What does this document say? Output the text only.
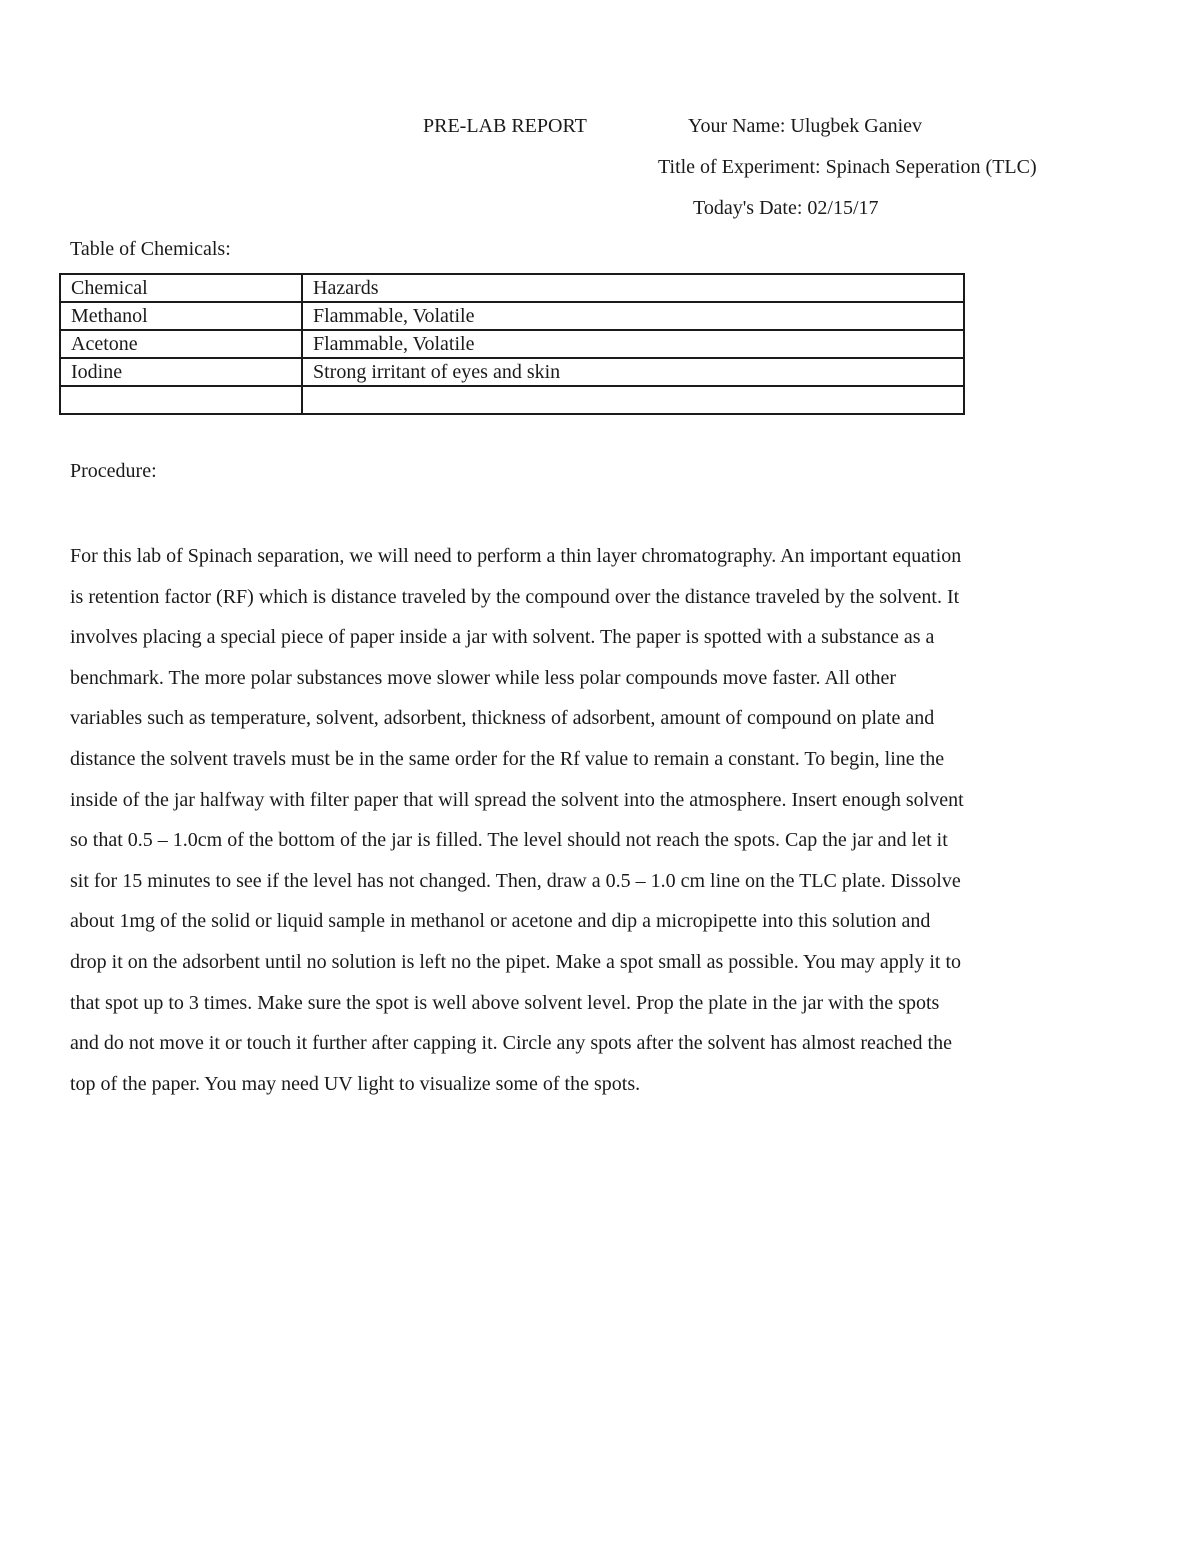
PRE-LAB REPORT	Your Name: Ulugbek Ganiev
Title of Experiment: Spinach Seperation (TLC)
Today's Date: 02/15/17
Table of Chemicals:
Chemical	Hazards
Methanol	Flammable, Volatile
Acetone	Flammable, Volatile
Iodine	Strong irritant of eyes and skin

Procedure:
For this lab of Spinach separation, we will need to perform a thin layer chromatography. An important equation
is retention factor (RF) which is distance traveled by the compound over the distance traveled by the solvent. It
involves placing a special piece of paper inside a jar with solvent. The paper is spotted with a substance as a
benchmark. The more polar substances move slower while less polar compounds move faster. All other
variables such as temperature, solvent, adsorbent, thickness of adsorbent, amount of compound on plate and
distance the solvent travels must be in the same order for the Rf value to remain a constant. To begin, line the
inside of the jar halfway with filter paper that will spread the solvent into the atmosphere. Insert enough solvent
so that 0.5 – 1.0cm of the bottom of the jar is filled. The level should not reach the spots. Cap the jar and let it
sit for 15 minutes to see if the level has not changed. Then, draw a 0.5 – 1.0 cm line on the TLC plate. Dissolve
about 1mg of the solid or liquid sample in methanol or acetone and dip a micropipette into this solution and
drop it on the adsorbent until no solution is left no the pipet. Make a spot small as possible. You may apply it to
that spot up to 3 times. Make sure the spot is well above solvent level. Prop the plate in the jar with the spots
and do not move it or touch it further after capping it. Circle any spots after the solvent has almost reached the
top of the paper. You may need UV light to visualize some of the spots.
